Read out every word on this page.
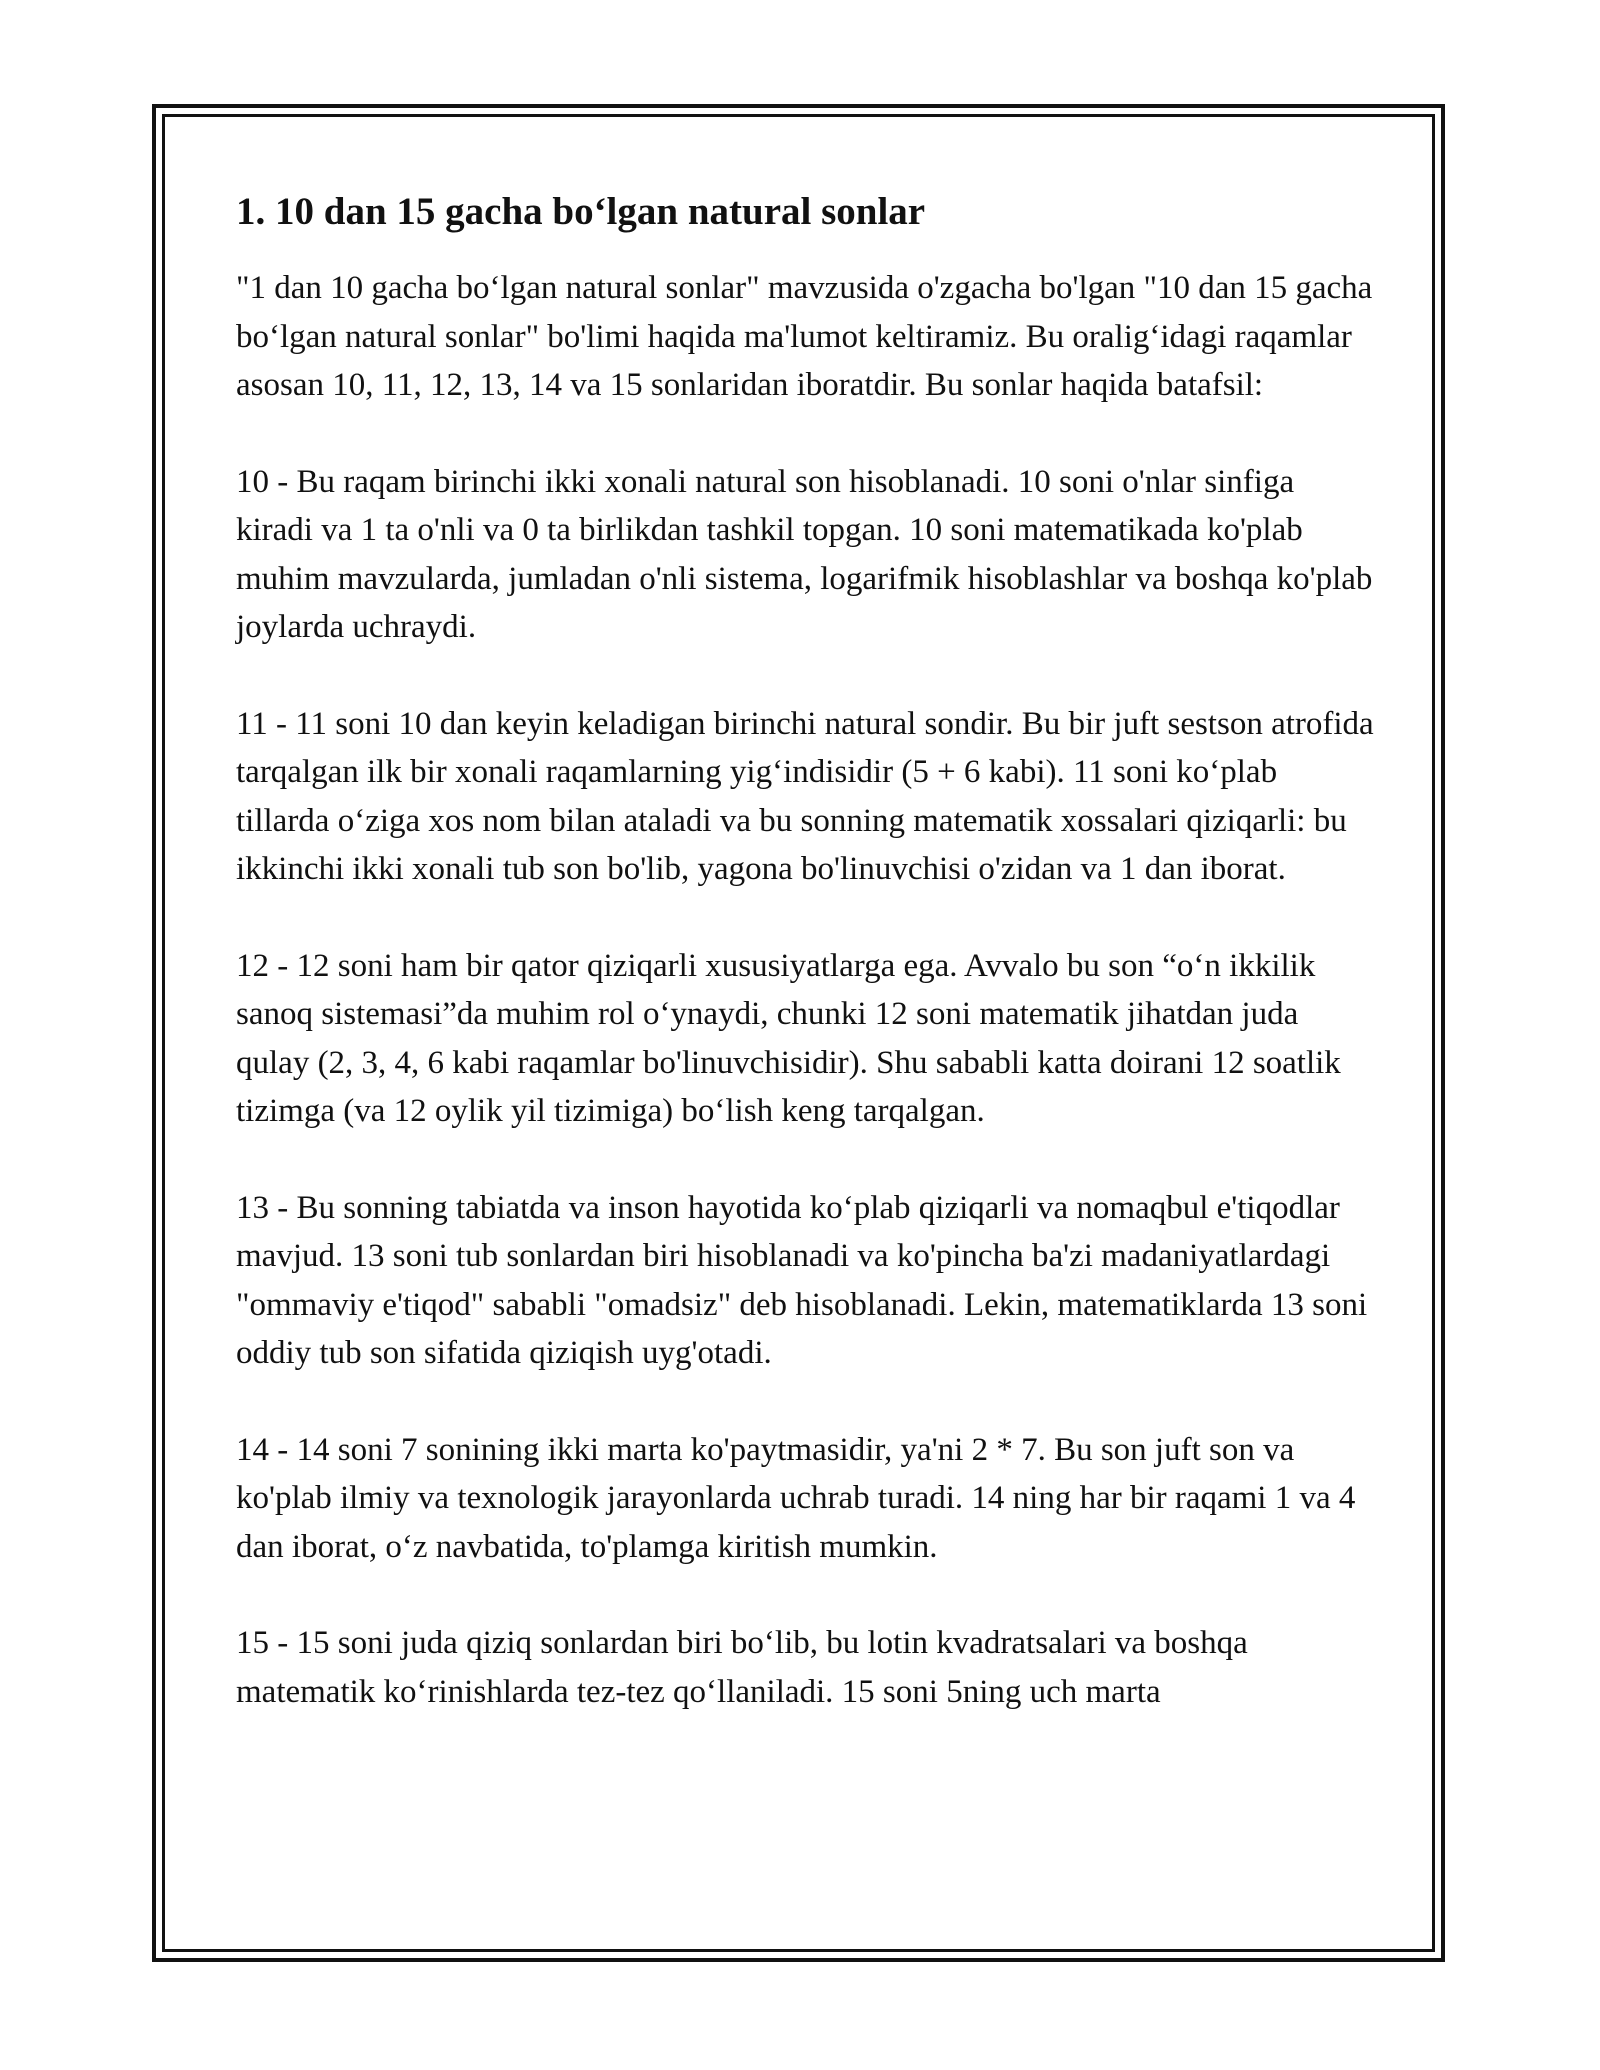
1. 10 dan 15 gacha boʻlgan natural sonlar

"1 dan 10 gacha boʻlgan natural sonlar" mavzusida o'zgacha bo'lgan "10 dan 15 gacha boʻlgan natural sonlar" bo'limi haqida ma'lumot keltiramiz. Bu oraligʻidagi raqamlar asosan 10, 11, 12, 13, 14 va 15 sonlaridan iboratdir. Bu sonlar haqida batafsil:

10 - Bu raqam birinchi ikki xonali natural son hisoblanadi. 10 soni o'nlar sinfiga kiradi va 1 ta o'nli va 0 ta birlikdan tashkil topgan. 10 soni matematikada ko'plab muhim mavzularda, jumladan o'nli sistema, logarifmik hisoblashlar va boshqa ko'plab joylarda uchraydi.

11 - 11 soni 10 dan keyin keladigan birinchi natural sondir. Bu bir juft sestson atrofida tarqalgan ilk bir xonali raqamlarning yigʻindisidir (5 + 6 kabi). 11 soni koʻplab tillarda oʻziga xos nom bilan ataladi va bu sonning matematik xossalari qiziqarli: bu ikkinchi ikki xonali tub son bo'lib, yagona bo'linuvchisi o'zidan va 1 dan iborat.

12 - 12 soni ham bir qator qiziqarli xususiyatlarga ega. Avvalo bu son “oʻn ikkilik sanoq sistemasi”da muhim rol oʻynaydi, chunki 12 soni matematik jihatdan juda qulay (2, 3, 4, 6 kabi raqamlar bo'linuvchisidir). Shu sababli katta doirani 12 soatlik tizimga (va 12 oylik yil tizimiga) boʻlish keng tarqalgan.

13 - Bu sonning tabiatda va inson hayotida koʻplab qiziqarli va nomaqbul e'tiqodlar mavjud. 13 soni tub sonlardan biri hisoblanadi va ko'pincha ba'zi madaniyatlardagi "ommaviy e'tiqod" sababli "omadsiz" deb hisoblanadi. Lekin, matematiklarda 13 soni oddiy tub son sifatida qiziqish uyg'otadi.

14 - 14 soni 7 sonining ikki marta ko'paytmasidir, ya'ni 2 * 7. Bu son juft son va ko'plab ilmiy va texnologik jarayonlarda uchrab turadi. 14 ning har bir raqami 1 va 4 dan iborat, oʻz navbatida, to'plamga kiritish mumkin.

15 - 15 soni juda qiziq sonlardan biri boʻlib, bu lotin kvadratsalari va boshqa matematik koʻrinishlarda tez-tez qoʻllaniladi. 15 soni 5ning uch marta
